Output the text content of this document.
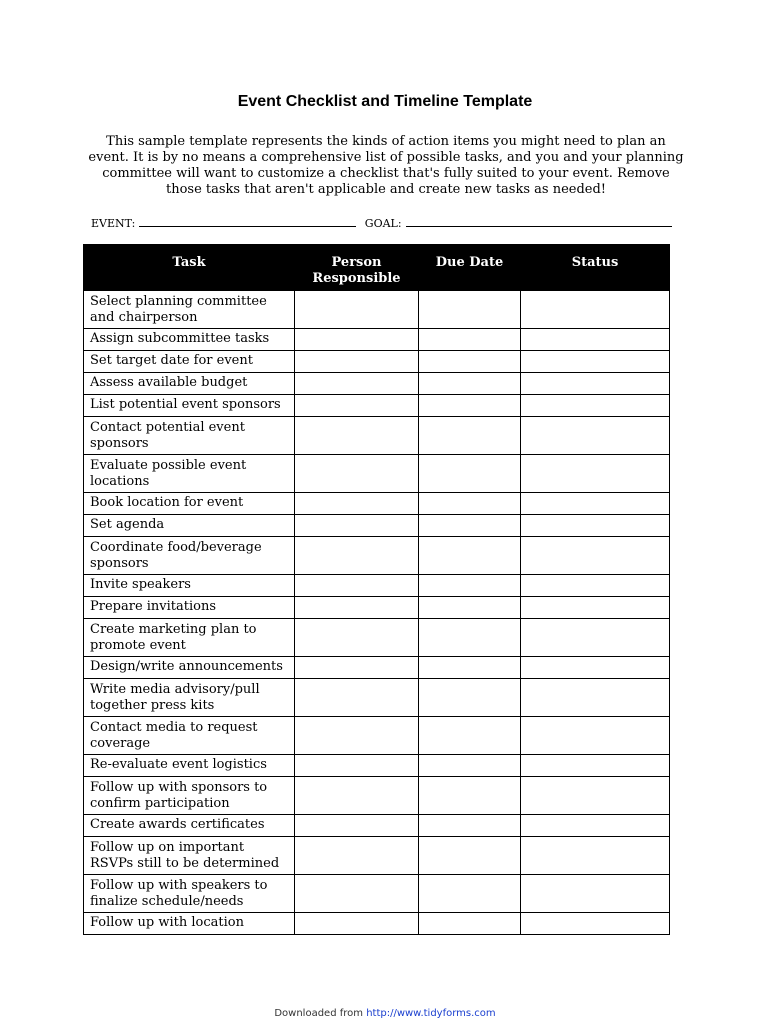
Event Checklist and Timeline Template

This sample template represents the kinds of action items you might need to plan an event. It is by no means a comprehensive list of possible tasks, and you and your planning committee will want to customize a checklist that's fully suited to your event. Remove those tasks that aren't applicable and create new tasks as needed!

EVENT:	GOAL:
Task	Person Responsible	Due Date	Status
Select planning committee and chairperson			
Assign subcommittee tasks			
Set target date for event			
Assess available budget			
List potential event sponsors			
Contact potential event sponsors			
Evaluate possible event locations			
Book location for event			
Set agenda			
Coordinate food/beverage sponsors			
Invite speakers			
Prepare invitations			
Create marketing plan to promote event			
Design/write announcements			
Write media advisory/pull together press kits			
Contact media to request coverage			
Re-evaluate event logistics			
Follow up with sponsors to confirm participation			
Create awards certificates			
Follow up on important RSVPs still to be determined			
Follow up with speakers to finalize schedule/needs			
Follow up with location			
Downloaded from http://www.tidyforms.com
